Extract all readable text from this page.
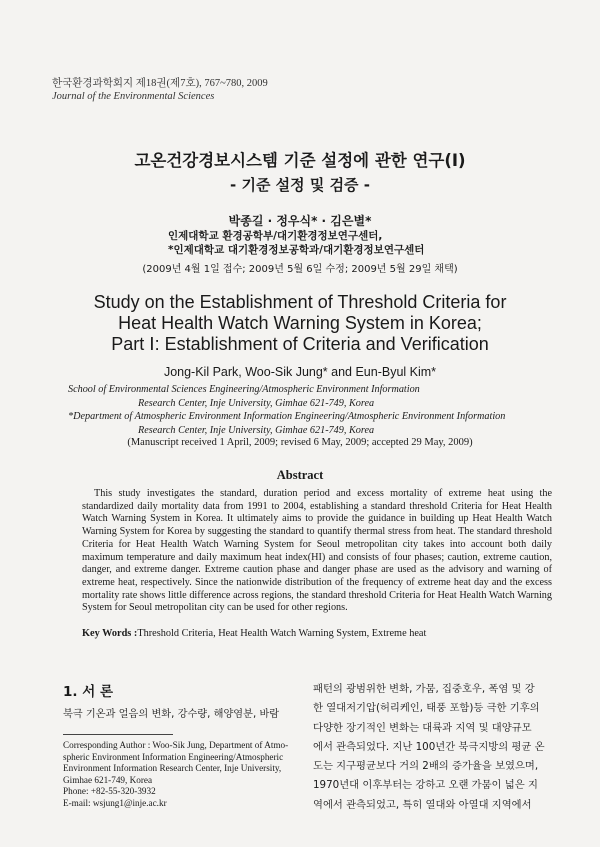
한국환경과학회지 제18권(제7호), 767~780, 2009
Journal of the Environmental Sciences
고온건강경보시스템 기준 설정에 관한 연구(Ⅰ)
- 기준 설정 및 검증 -
박종길 · 정우식* · 김은별*
인제대학교 환경공학부/대기환경정보연구센터,
*인제대학교 대기환경정보공학과/대기환경정보연구센터
(2009년 4월 1일 접수; 2009년 5월 6일 수정; 2009년 5월 29일 채택)
Study on the Establishment of Threshold Criteria for
Heat Health Watch Warning System in Korea;
Part Ⅰ: Establishment of Criteria and Verification
Jong-Kil Park, Woo-Sik Jung* and Eun-Byul Kim*
School of Environmental Sciences Engineering/Atmospheric Environment Information
Research Center, Inje University, Gimhae 621-749, Korea
*Department of Atmospheric Environment Information Engineering/Atmospheric Environment Information
Research Center, Inje University, Gimhae 621-749, Korea
(Manuscript received 1 April, 2009; revised 6 May, 2009; accepted 29 May, 2009)
Abstract

This study investigates the standard, duration period and excess mortality of extreme heat using the standardized daily mortality data from 1991 to 2004, establishing a standard threshold Criteria for Heat Health Watch Warning System in Korea. It ultimately aims to provide the guidance in building up Heat Health Watch Warning System for Korea by suggesting the standard to quantify thermal stress from heat. The standard threshold Criteria for Heat Health Watch Warning System for Seoul metropolitan city takes into account both daily maximum temperature and daily maximum heat index(HI) and consists of four phases; caution, extreme caution, danger, and extreme danger. Extreme caution phase and danger phase are used as the advisory and warning of extreme heat, respectively. Since the nationwide distribution of the frequency of extreme heat day and the excess mortality rate shows little difference across regions, the standard threshold Criteria for Heat Health Watch Warning System for Seoul metropolitan city can be used for other regions.

Key Words :Threshold Criteria, Heat Health Watch Warning System, Extreme heat
1. 서 론
북극 기온과 얼음의 변화, 강수량, 해양염분, 바람
Corresponding Author : Woo-Sik Jung, Department of Atmo-
spheric Environment Information Engineering/Atmospheric
Environment Information Research Center, Inje University,
Gimhae 621-749, Korea
Phone: +82-55-320-3932
E-mail: wsjung1@inje.ac.kr
패턴의 광범위한 변화, 가뭄, 집중호우, 폭염 및 강
한 열대저기압(허리케인, 태풍 포함)등 극한 기후의
다양한 장기적인 변화는 대륙과 지역 및 대양규모
에서 관측되었다. 지난 100년간 북극지방의 평균 온
도는 지구평균보다 거의 2배의 증가율을 보였으며,
1970년대 이후부터는 강하고 오랜 가뭄이 넓은 지
역에서 관측되었고, 특히 열대와 아열대 지역에서
